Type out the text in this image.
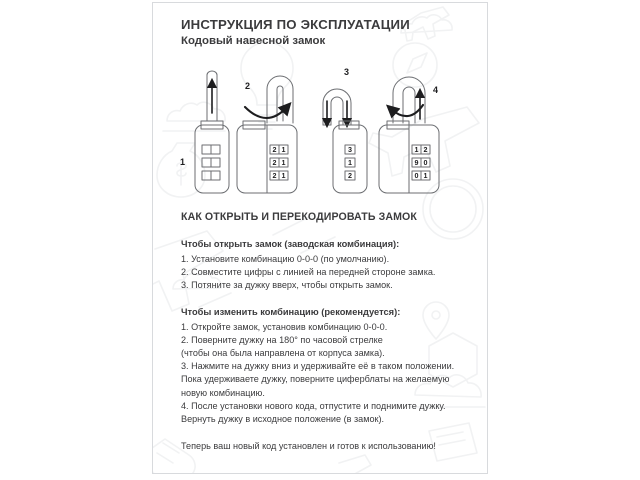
ИНСТРУКЦИЯ ПО ЭКСПЛУАТАЦИИ
Кодовый навесной замок
1
2
2 1
2 1
2 1
3
3
1
2
4
1 2
9 0
0 1
КАК ОТКРЫТЬ И ПЕРЕКОДИРОВАТЬ ЗАМОК
Чтобы открыть замок (заводская комбинация):
1. Установите комбинацию 0-0-0 (по умолчанию).
2. Совместите цифры с линией на передней стороне замка.
3. Потяните за дужку вверх, чтобы открыть замок.
Чтобы изменить комбинацию (рекомендуется):
1. Откройте замок, установив комбинацию 0-0-0.
2. Поверните дужку на 180° по часовой стрелке
(чтобы она была направлена от корпуса замка).
3. Нажмите на дужку вниз и удерживайте её в таком положении.
Пока удерживаете дужку, поверните циферблаты на желаемую
новую комбинацию.
4. После установки нового кода, отпустите и поднимите дужку.
Вернуть дужку в исходное положение (в замок).
Теперь ваш новый код установлен и готов к использованию!
